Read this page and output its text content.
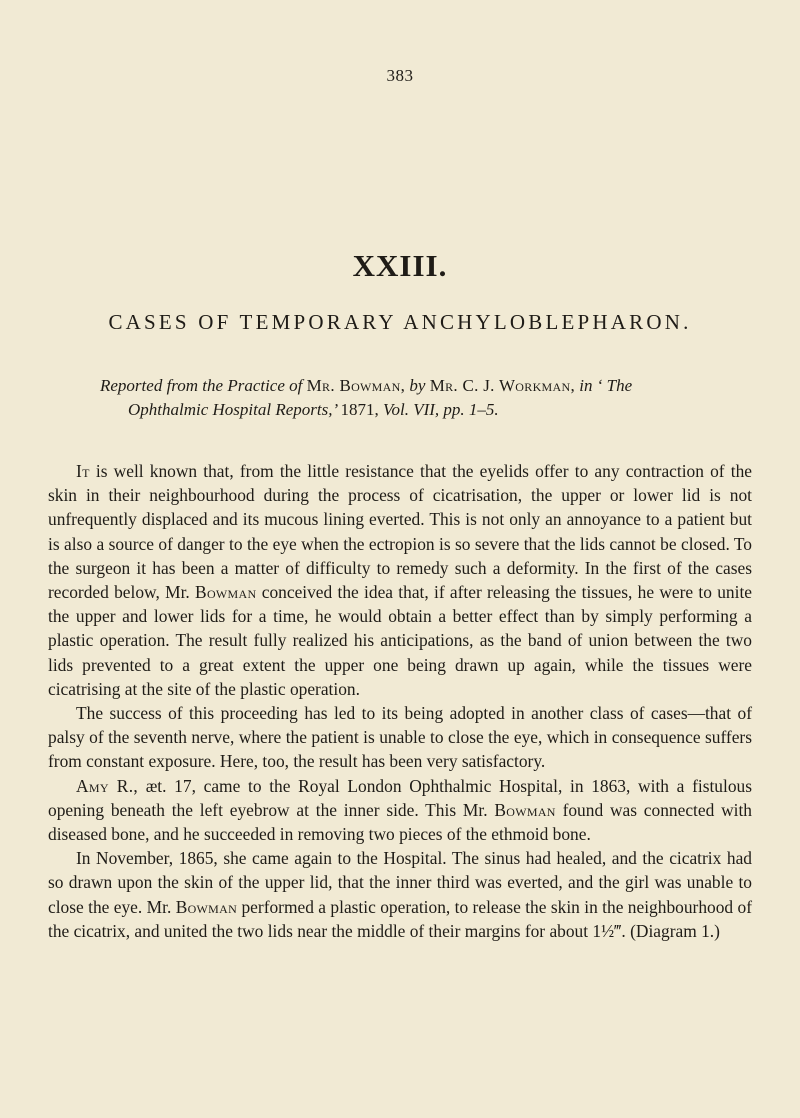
383
XXIII.
CASES OF TEMPORARY ANCHYLOBLEPHARON.
Reported from the Practice of Mr. Bowman, by Mr. C. J. Workman, in ‘ The
Ophthalmic Hospital Reports,’ 1871, Vol. VII, pp. 1–5.

It is well known that, from the little resistance that the eyelids offer to any contraction of the skin in their neighbourhood during the process of cicatrisation, the upper or lower lid is not unfrequently displaced and its mucous lining everted. This is not only an annoyance to a patient but is also a source of danger to the eye when the ectropion is so severe that the lids cannot be closed. To the surgeon it has been a matter of difficulty to remedy such a deformity. In the first of the cases recorded below, Mr. Bowman conceived the idea that, if after releasing the tissues, he were to unite the upper and lower lids for a time, he would obtain a better effect than by simply performing a plastic operation. The result fully realized his anticipations, as the band of union between the two lids prevented to a great extent the upper one being drawn up again, while the tissues were cicatrising at the site of the plastic operation.

The success of this proceeding has led to its being adopted in another class of cases—that of palsy of the seventh nerve, where the patient is unable to close the eye, which in consequence suffers from constant exposure. Here, too, the result has been very satisfactory.

Amy R., æt. 17, came to the Royal London Ophthalmic Hospital, in 1863, with a fistulous opening beneath the left eyebrow at the inner side. This Mr. Bowman found was connected with diseased bone, and he succeeded in removing two pieces of the ethmoid bone.

In November, 1865, she came again to the Hospital. The sinus had healed, and the cicatrix had so drawn upon the skin of the upper lid, that the inner third was everted, and the girl was unable to close the eye. Mr. Bowman performed a plastic operation, to release the skin in the neighbourhood of the cicatrix, and united the two lids near the middle of their margins for about 1½‴. (Diagram 1.)
